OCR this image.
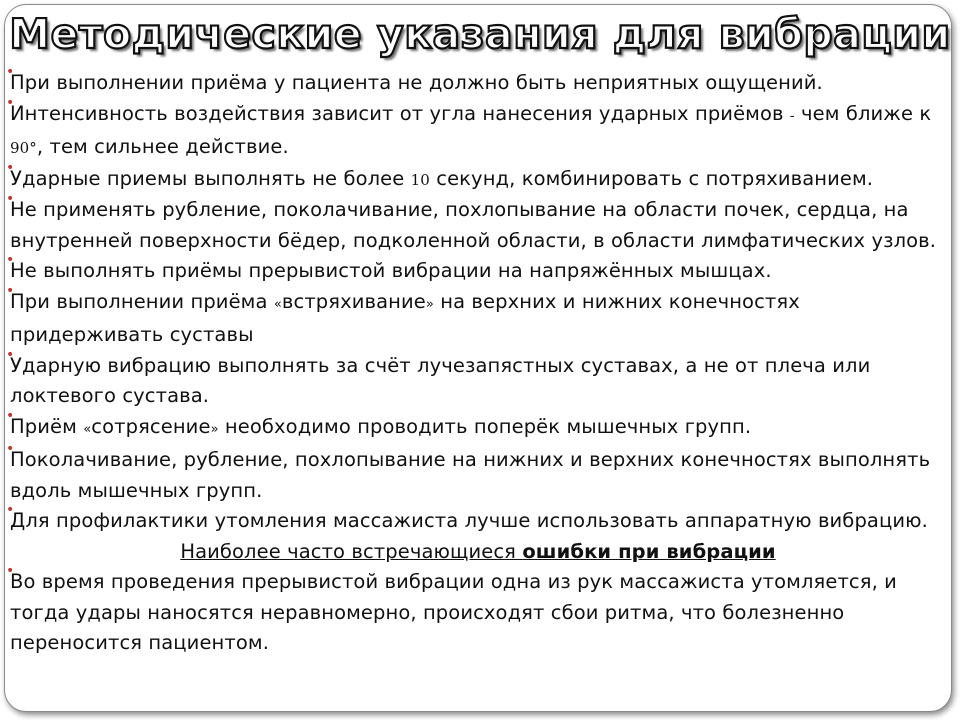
Методические указания для вибрации

•
При выполнении приёма у пациента не должно быть неприятных ощущений.

•
Интенсивность воздействия зависит от угла нанесения ударных приёмов - чем ближе к 90°, тем сильнее действие.

•
Ударные приемы выполнять не более 10 секунд, комбинировать с потряхиванием.

•
Не применять рубление, поколачивание, похлопывание на области почек, сердца, на внутренней поверхности бёдер, подколенной области, в области лимфатических узлов.

•
Не выполнять приёмы прерывистой вибрации на напряжённых мышцах.

•
При выполнении приёма «встряхивание» на верхних и нижних конечностях придерживать суставы

•
Ударную вибрацию выполнять за счёт лучезапястных суставах, а не от плеча или локтевого сустава.

•
Приём «сотрясение» необходимо проводить поперёк мышечных групп.

•
Поколачивание, рубление, похлопывание на нижних и верхних конечностях выполнять вдоль мышечных групп.

•
Для профилактики утомления массажиста лучше использовать аппаратную вибрацию.

Наиболее часто встречающиеся ошибки при вибрации

•
Во время проведения прерывистой вибрации одна из рук массажиста утомляется, и тогда удары наносятся неравномерно, происходят сбои ритма, что болезненно переносится пациентом.
